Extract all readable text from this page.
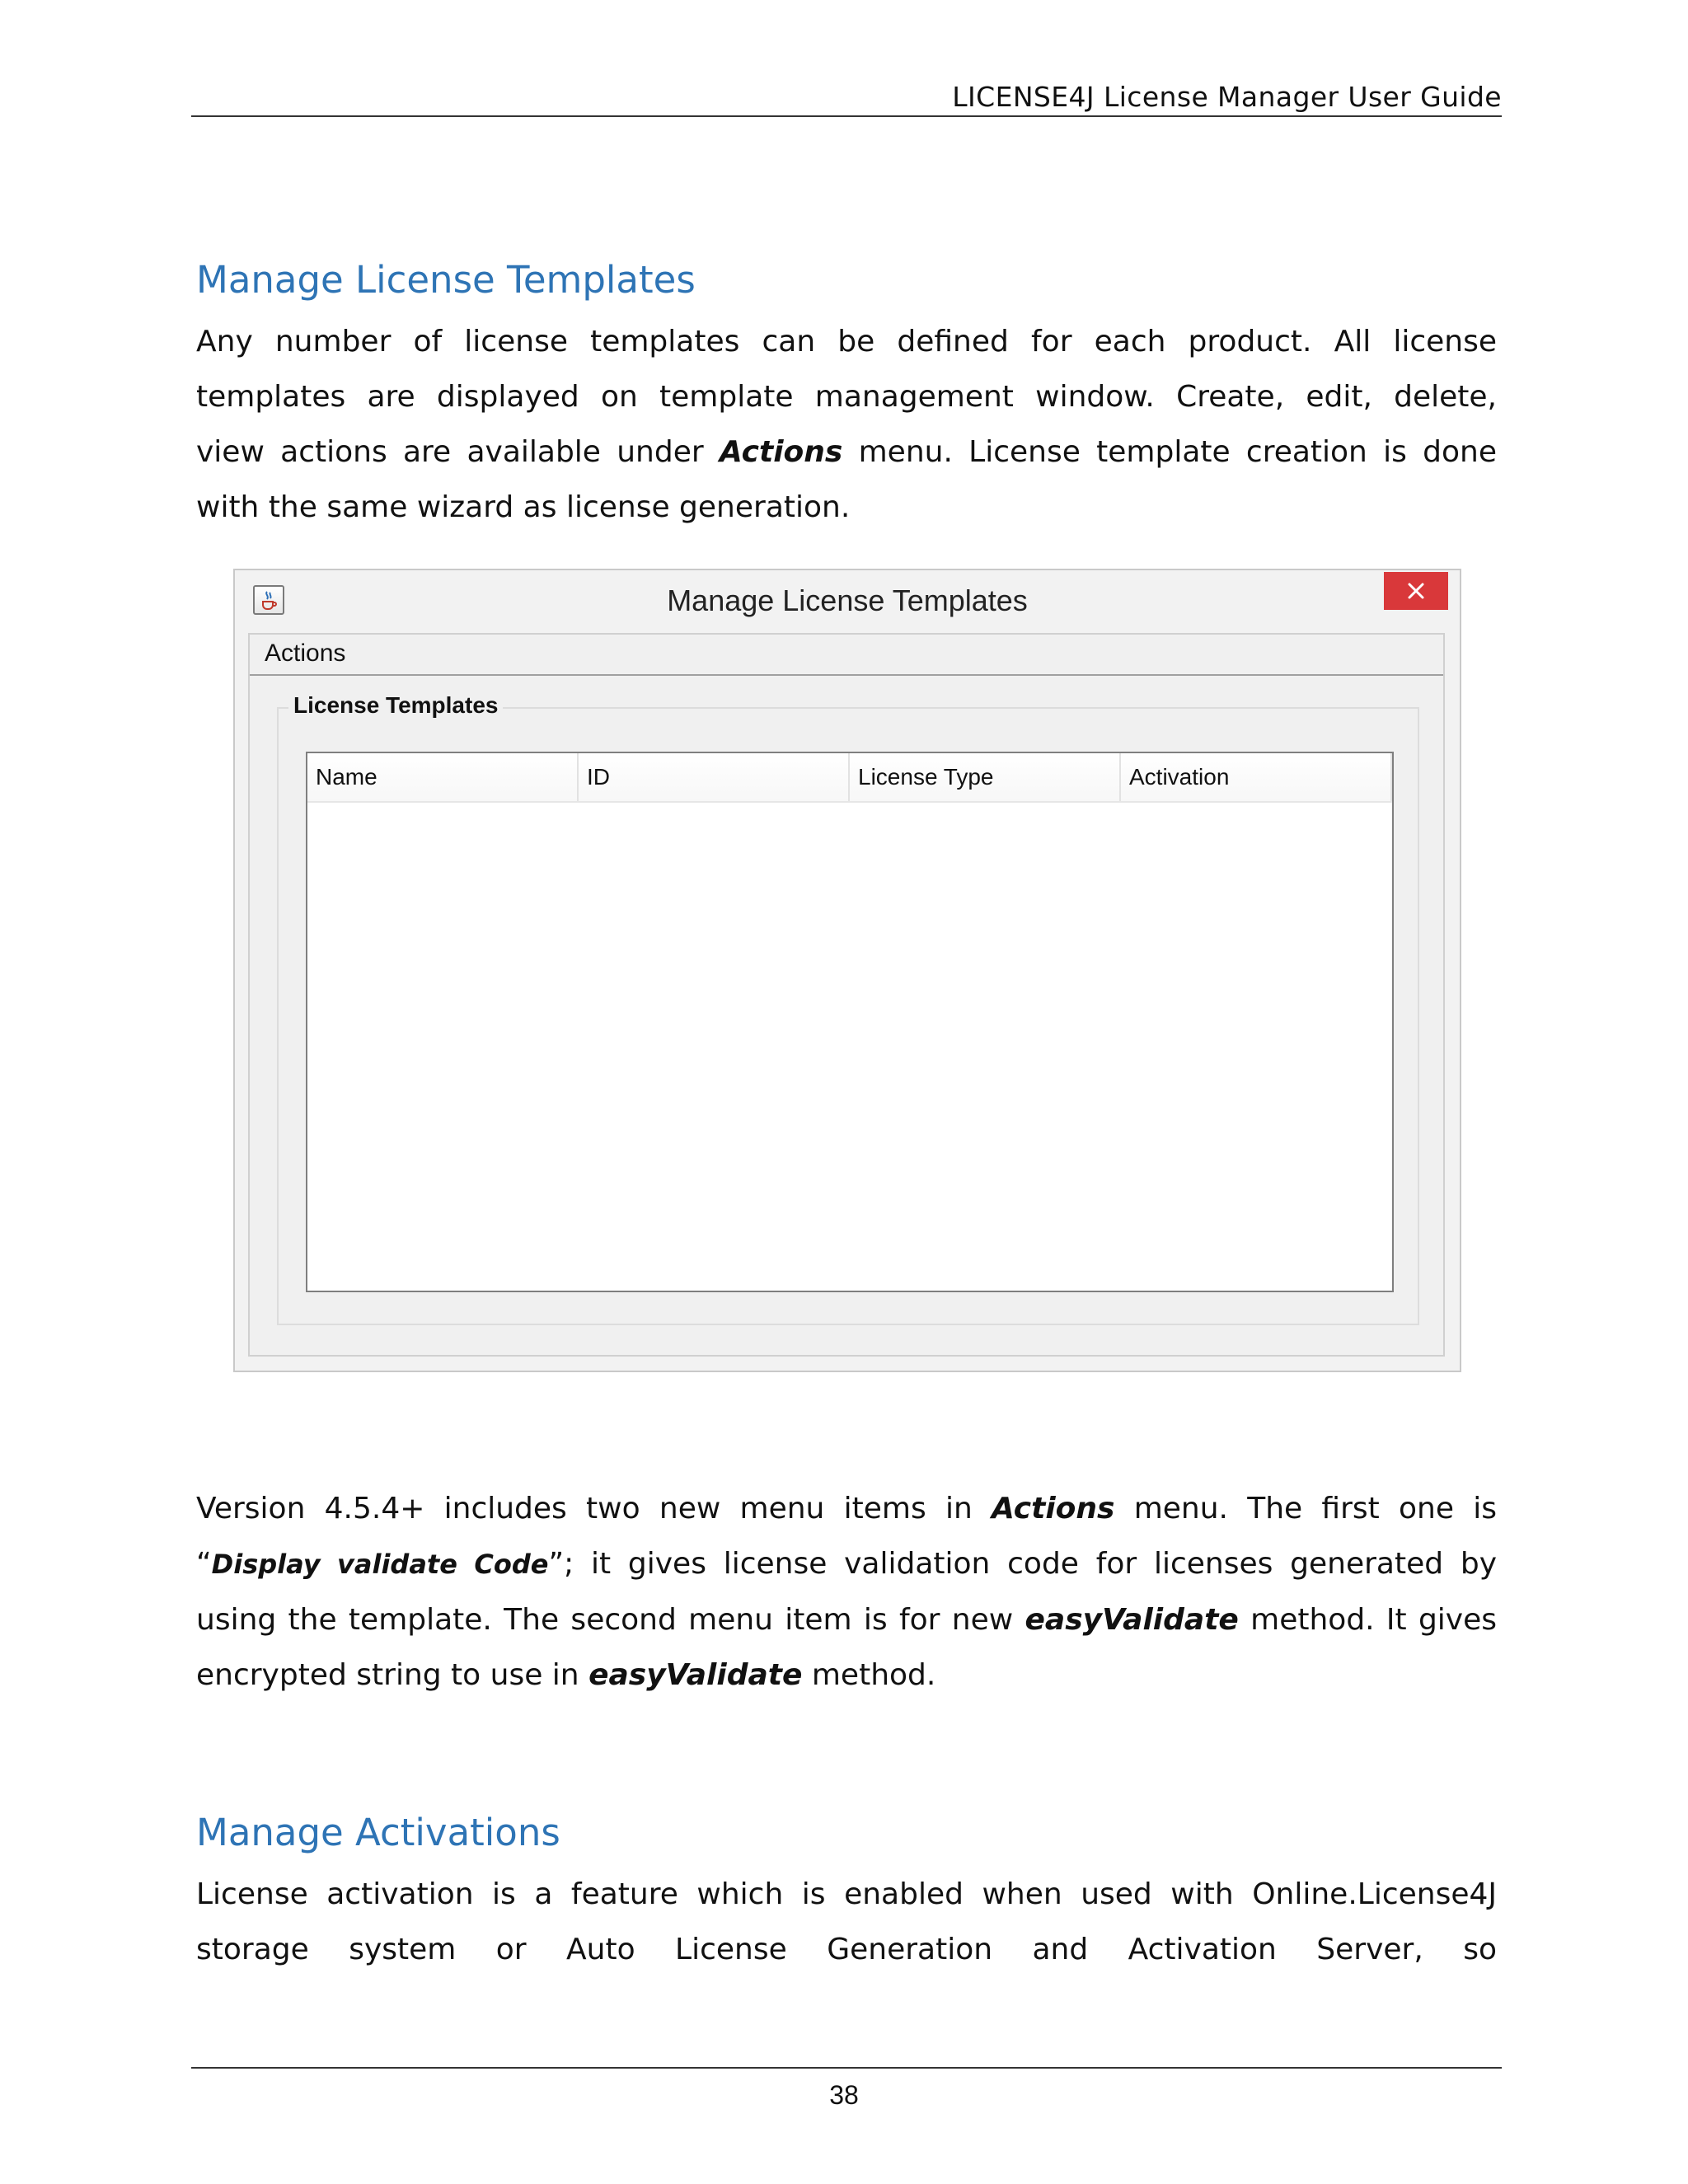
LICENSE4J License Manager User Guide
Manage License Templates

Any number of license templates can be defined for each product. All license
templates are displayed on template management window. Create, edit, delete,
view actions are available under Actions menu. License template creation is done
with the same wizard as license generation.

Manage License Templates
Actions
License Templates
Name	ID	License Type	Activation

Version 4.5.4+ includes two new menu items in Actions menu. The first one is
“Display validate Code”; it gives license validation code for licenses generated by
using the template. The second menu item is for new easyValidate method. It gives
encrypted string to use in easyValidate method.

Manage Activations

License activation is a feature which is enabled when used with Online.License4J
storage system or Auto License Generation and Activation Server, so

38
